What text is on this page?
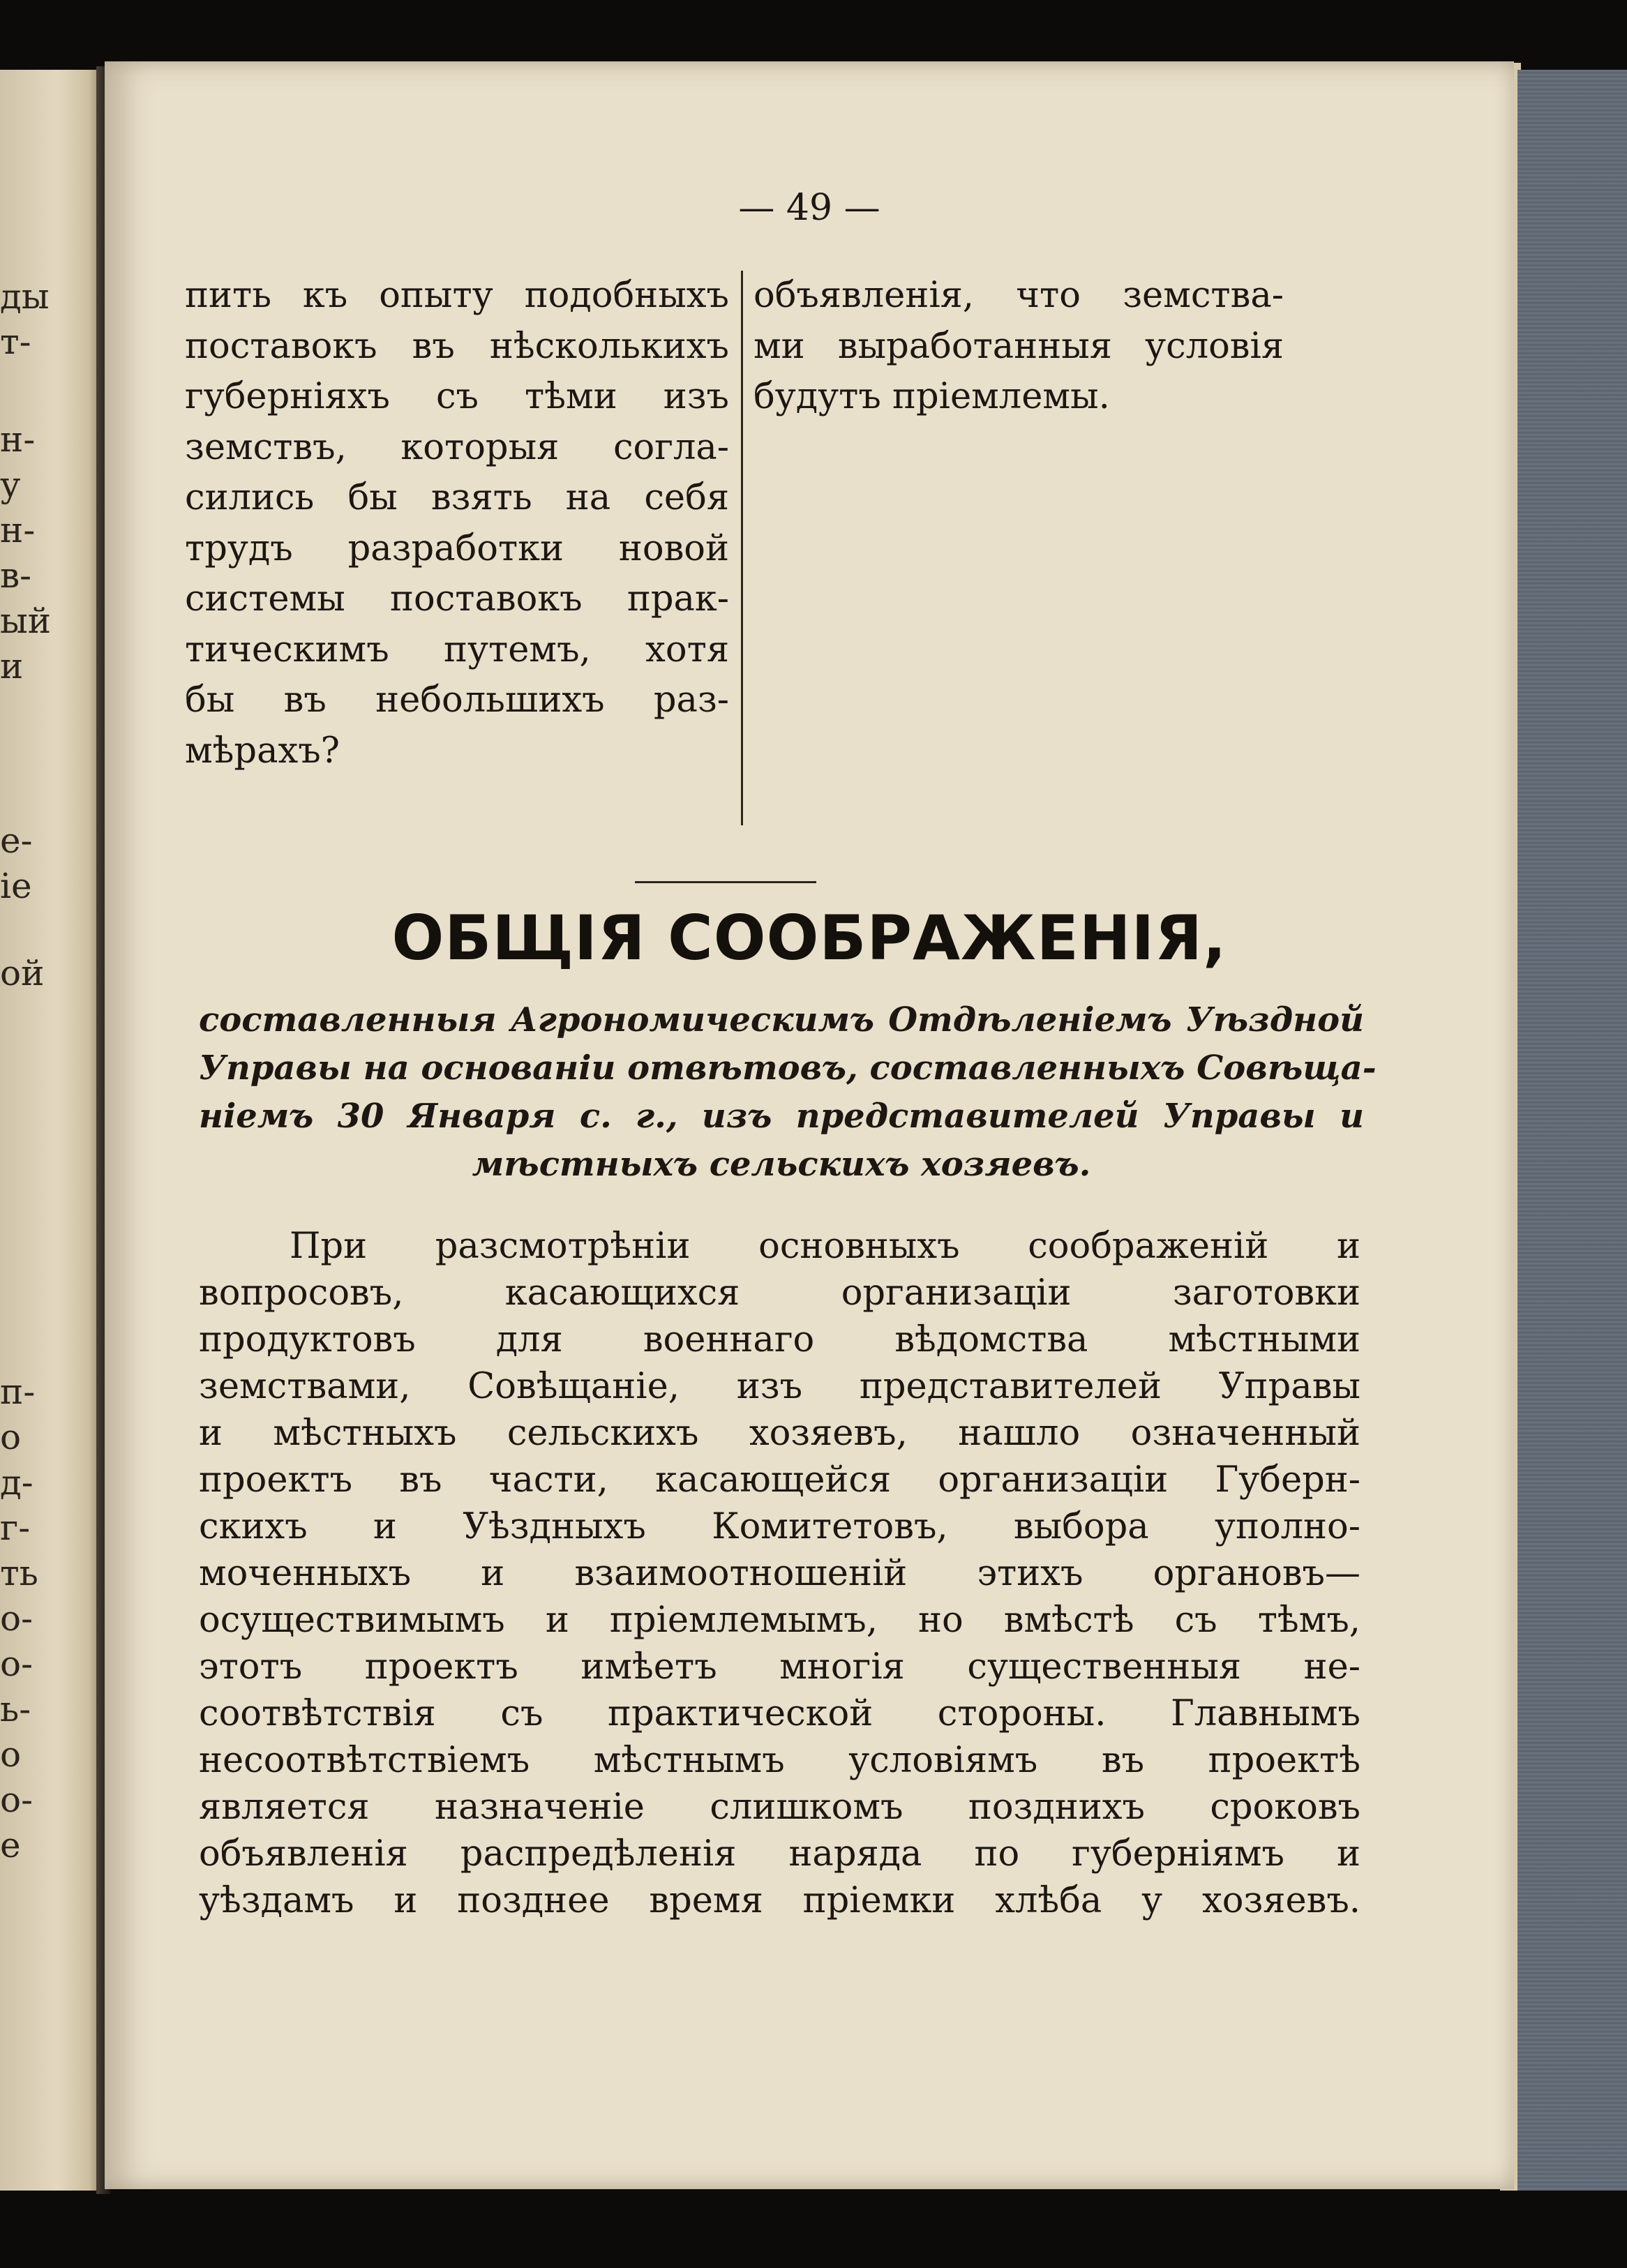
ды
т-
н-
у
н-
в-
ый
и
е-
іе
ой
п-
о
д-
г-
ть
о-
о-
ь-
о
о-
е
— 49 —
пить къ опыту подобныхъ
поставокъ въ нѣсколькихъ
губерніяхъ съ тѣми изъ
земствъ, которыя согла-
сились бы взять на себя
трудъ разработки новой
системы поставокъ прак-
тическимъ путемъ, хотя
бы въ небольшихъ раз-
мѣрахъ?
объявленія, что земства-
ми выработанныя условія
будутъ пріемлемы.
ОБЩІЯ СООБРАЖЕНІЯ,
составленныя Агрономическимъ Отдѣленіемъ Уѣздной
Управы на основаніи отвѣтовъ, составленныхъ Совѣща-
ніемъ 30 Января с. г., изъ представителей Управы и
мѣстныхъ сельскихъ хозяевъ.
При разсмотрѣніи основныхъ соображеній и
вопросовъ, касающихся организаціи заготовки
продуктовъ для военнаго вѣдомства мѣстными
земствами, Совѣщаніе, изъ представителей Управы
и мѣстныхъ сельскихъ хозяевъ, нашло означенный
проектъ въ части, касающейся организаціи Губерн-
скихъ и Уѣздныхъ Комитетовъ, выбора уполно-
моченныхъ и взаимоотношеній этихъ органовъ—
осуществимымъ и пріемлемымъ, но вмѣстѣ съ тѣмъ,
этотъ проектъ имѣетъ многія существенныя не-
соотвѣтствія съ практической стороны. Главнымъ
несоотвѣтствіемъ мѣстнымъ условіямъ въ проектѣ
является назначеніе слишкомъ позднихъ сроковъ
объявленія распредѣленія наряда по губерніямъ и
уѣздамъ и позднее время пріемки хлѣба у хозяевъ.
